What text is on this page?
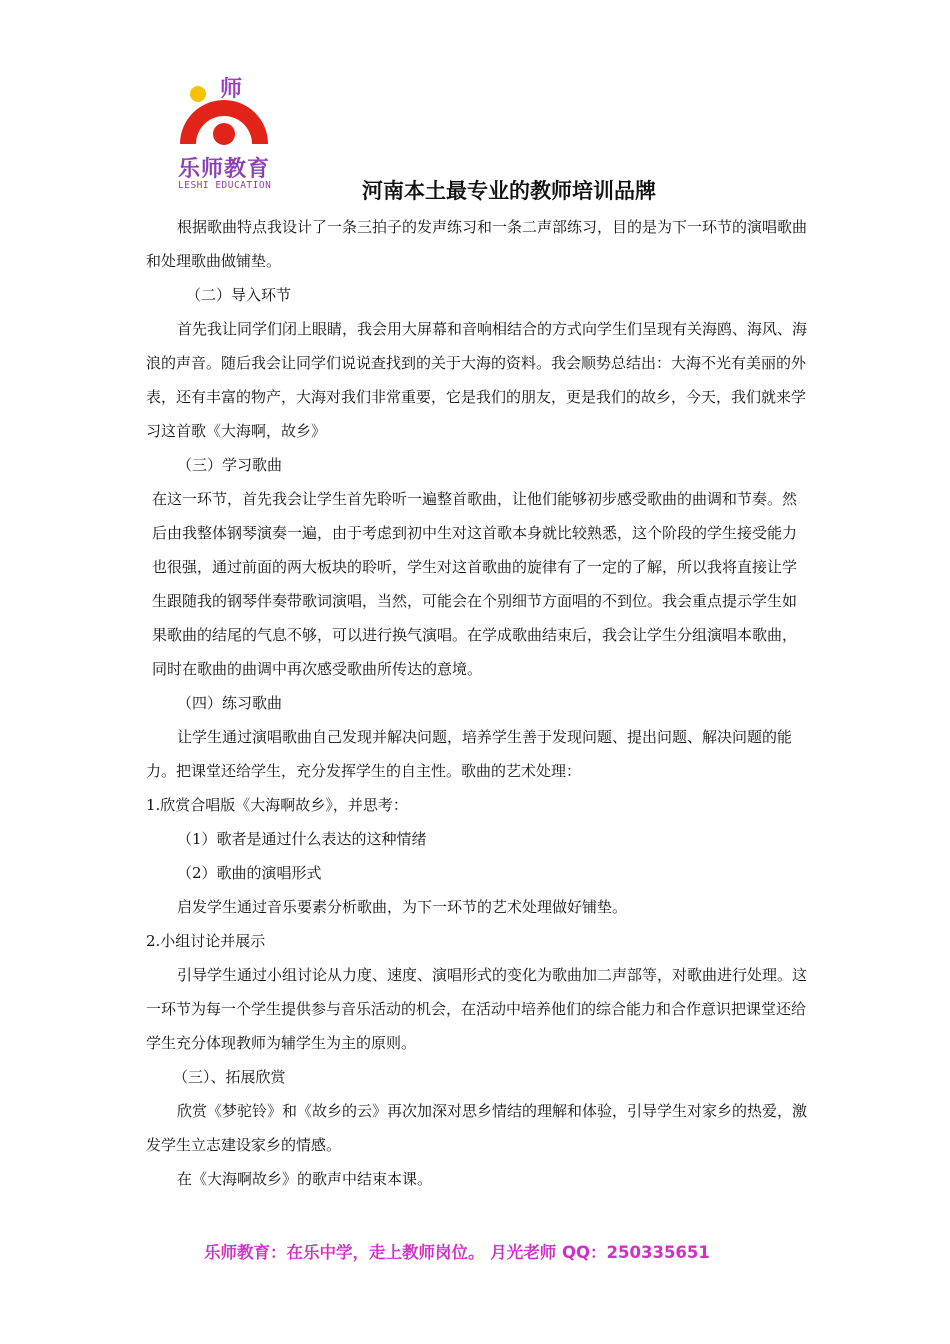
师
乐师教育
LESHI EDUCATION	河南本土最专业的教师培训品牌

根据歌曲特点我设计了一条三拍子的发声练习和一条二声部练习，目的是为下一环节的演唱歌曲和处理歌曲做铺垫。

（二）导入环节

首先我让同学们闭上眼睛，我会用大屏幕和音响相结合的方式向学生们呈现有关海鸥、海风、海浪的声音。随后我会让同学们说说查找到的关于大海的资料。我会顺势总结出：大海不光有美丽的外表，还有丰富的物产，大海对我们非常重要，它是我们的朋友，更是我们的故乡，今天，我们就来学习这首歌《大海啊，故乡》

（三）学习歌曲

在这一环节，首先我会让学生首先聆听一遍整首歌曲，让他们能够初步感受歌曲的曲调和节奏。然后由我整体钢琴演奏一遍，由于考虑到初中生对这首歌本身就比较熟悉，这个阶段的学生接受能力也很强，通过前面的两大板块的聆听，学生对这首歌曲的旋律有了一定的了解，所以我将直接让学生跟随我的钢琴伴奏带歌词演唱，当然，可能会在个别细节方面唱的不到位。我会重点提示学生如果歌曲的结尾的气息不够，可以进行换气演唱。在学成歌曲结束后，我会让学生分组演唱本歌曲，同时在歌曲的曲调中再次感受歌曲所传达的意境。

（四）练习歌曲

让学生通过演唱歌曲自己发现并解决问题，培养学生善于发现问题、提出问题、解决问题的能力。把课堂还给学生，充分发挥学生的自主性。歌曲的艺术处理：

1.欣赏合唱版《大海啊故乡》，并思考：

（1）歌者是通过什么表达的这种情绪

（2）歌曲的演唱形式

启发学生通过音乐要素分析歌曲，为下一环节的艺术处理做好铺垫。

2.小组讨论并展示

引导学生通过小组讨论从力度、速度、演唱形式的变化为歌曲加二声部等，对歌曲进行处理。这一环节为每一个学生提供参与音乐活动的机会，在活动中培养他们的综合能力和合作意识把课堂还给学生充分体现教师为辅学生为主的原则。

（三）、拓展欣赏

欣赏《梦驼铃》和《故乡的云》再次加深对思乡情结的理解和体验，引导学生对家乡的热爱，激发学生立志建设家乡的情感。

在《大海啊故乡》的歌声中结束本课。

乐师教育：在乐中学，走上教师岗位。 月光老师 QQ：250335651
